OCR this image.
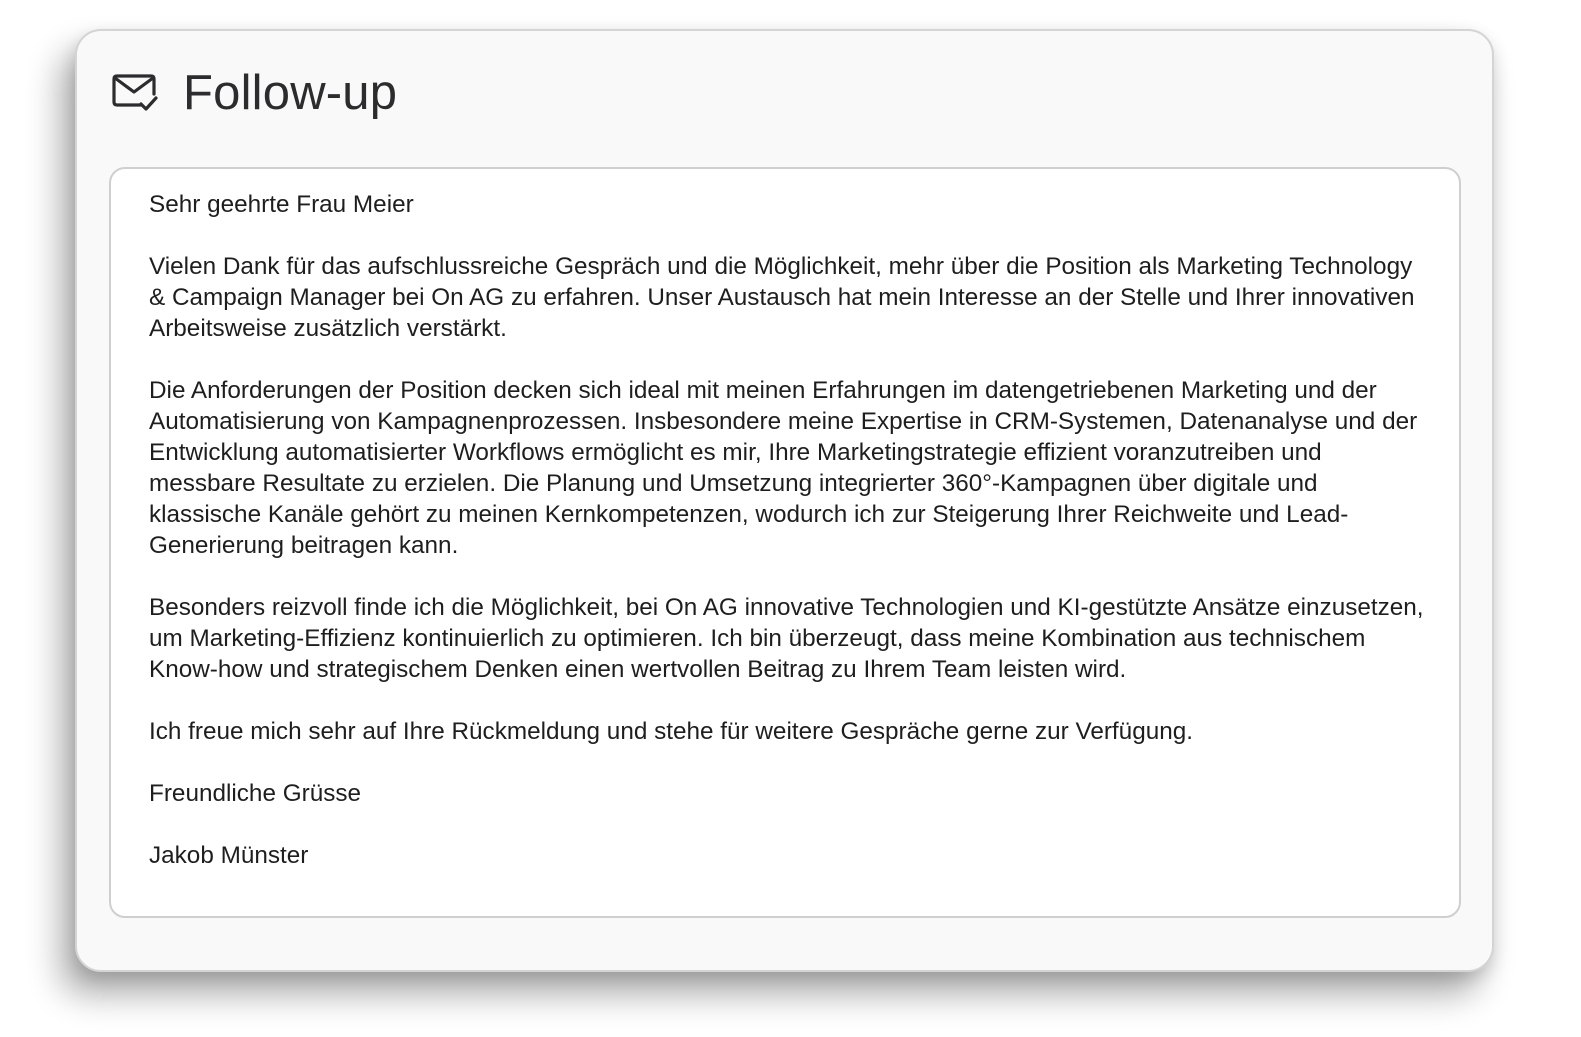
Follow-up

Sehr geehrte Frau Meier

Vielen Dank für das aufschlussreiche Gespräch und die Möglichkeit, mehr über die Position als Marketing Technology & Campaign Manager bei On AG zu erfahren. Unser Austausch hat mein Interesse an der Stelle und Ihrer innovativen Arbeitsweise zusätzlich verstärkt.

Die Anforderungen der Position decken sich ideal mit meinen Erfahrungen im datengetriebenen Marketing und der Automatisierung von Kampagnenprozessen. Insbesondere meine Expertise in CRM-Systemen, Datenanalyse und der Entwicklung automatisierter Workflows ermöglicht es mir, Ihre Marketingstrategie effizient voranzutreiben und messbare Resultate zu erzielen. Die Planung und Umsetzung integrierter 360°-Kampagnen über digitale und klassische Kanäle gehört zu meinen Kernkompetenzen, wodurch ich zur Steigerung Ihrer Reichweite und Lead-Generierung beitragen kann.

Besonders reizvoll finde ich die Möglichkeit, bei On AG innovative Technologien und KI-gestützte Ansätze einzusetzen, um Marketing-Effizienz kontinuierlich zu optimieren. Ich bin überzeugt, dass meine Kombination aus technischem Know-how und strategischem Denken einen wertvollen Beitrag zu Ihrem Team leisten wird.

Ich freue mich sehr auf Ihre Rückmeldung und stehe für weitere Gespräche gerne zur Verfügung.

Freundliche Grüsse

Jakob Münster
